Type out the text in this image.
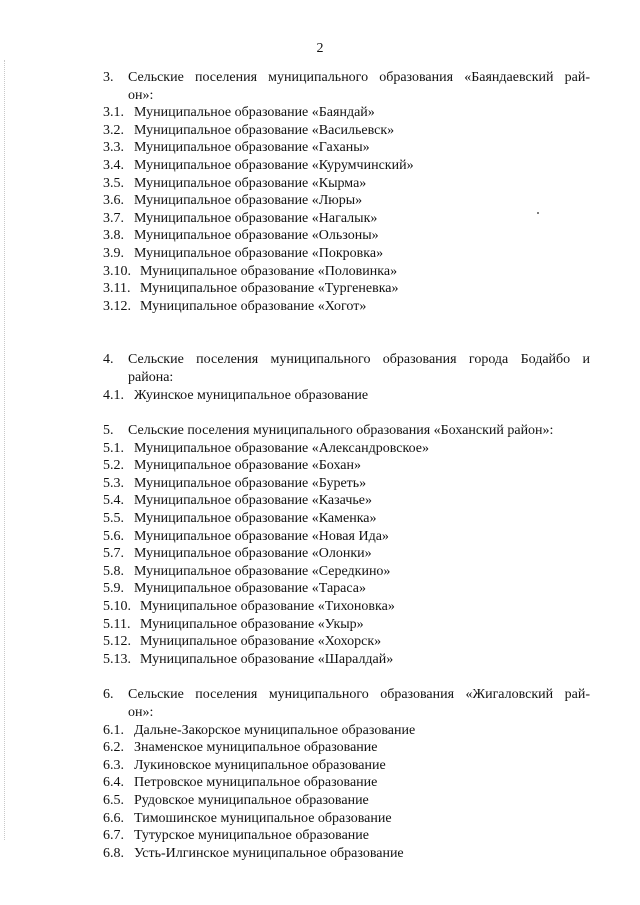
2
3.	Сельские поселения муниципального образования «Баяндаевский рай-
он»:
3.1. Муниципальное образование «Баяндай»
3.2. Муниципальное образование «Васильевск»
3.3. Муниципальное образование «Гаханы»
3.4. Муниципальное образование «Курумчинский»
3.5. Муниципальное образование «Кырма»
3.6. Муниципальное образование «Люры»
3.7. Муниципальное образование «Нагалык»
3.8. Муниципальное образование «Ользоны»
3.9. Муниципальное образование «Покровка»
3.10. Муниципальное образование «Половинка»
3.11. Муниципальное образование «Тургеневка»
3.12. Муниципальное образование «Хогот»
4.	Сельские поселения муниципального образования города Бодайбо и
района:
4.1. Жуинское муниципальное образование
5.	Сельские поселения муниципального образования «Боханский район»:
5.1. Муниципальное образование «Александровское»
5.2. Муниципальное образование «Бохан»
5.3. Муниципальное образование «Буреть»
5.4. Муниципальное образование «Казачье»
5.5. Муниципальное образование «Каменка»
5.6. Муниципальное образование «Новая Ида»
5.7. Муниципальное образование «Олонки»
5.8. Муниципальное образование «Середкино»
5.9. Муниципальное образование «Тараса»
5.10. Муниципальное образование «Тихоновка»
5.11. Муниципальное образование «Укыр»
5.12. Муниципальное образование «Хохорск»
5.13. Муниципальное образование «Шаралдай»
6.	Сельские поселения муниципального образования «Жигаловский рай-
он»:
6.1. Дальне-Закорское муниципальное образование
6.2. Знаменское муниципальное образование
6.3. Лукиновское муниципальное образование
6.4. Петровское муниципальное образование
6.5. Рудовское муниципальное образование
6.6. Тимошинское муниципальное образование
6.7. Тутурское муниципальное образование
6.8. Усть-Илгинское муниципальное образование
